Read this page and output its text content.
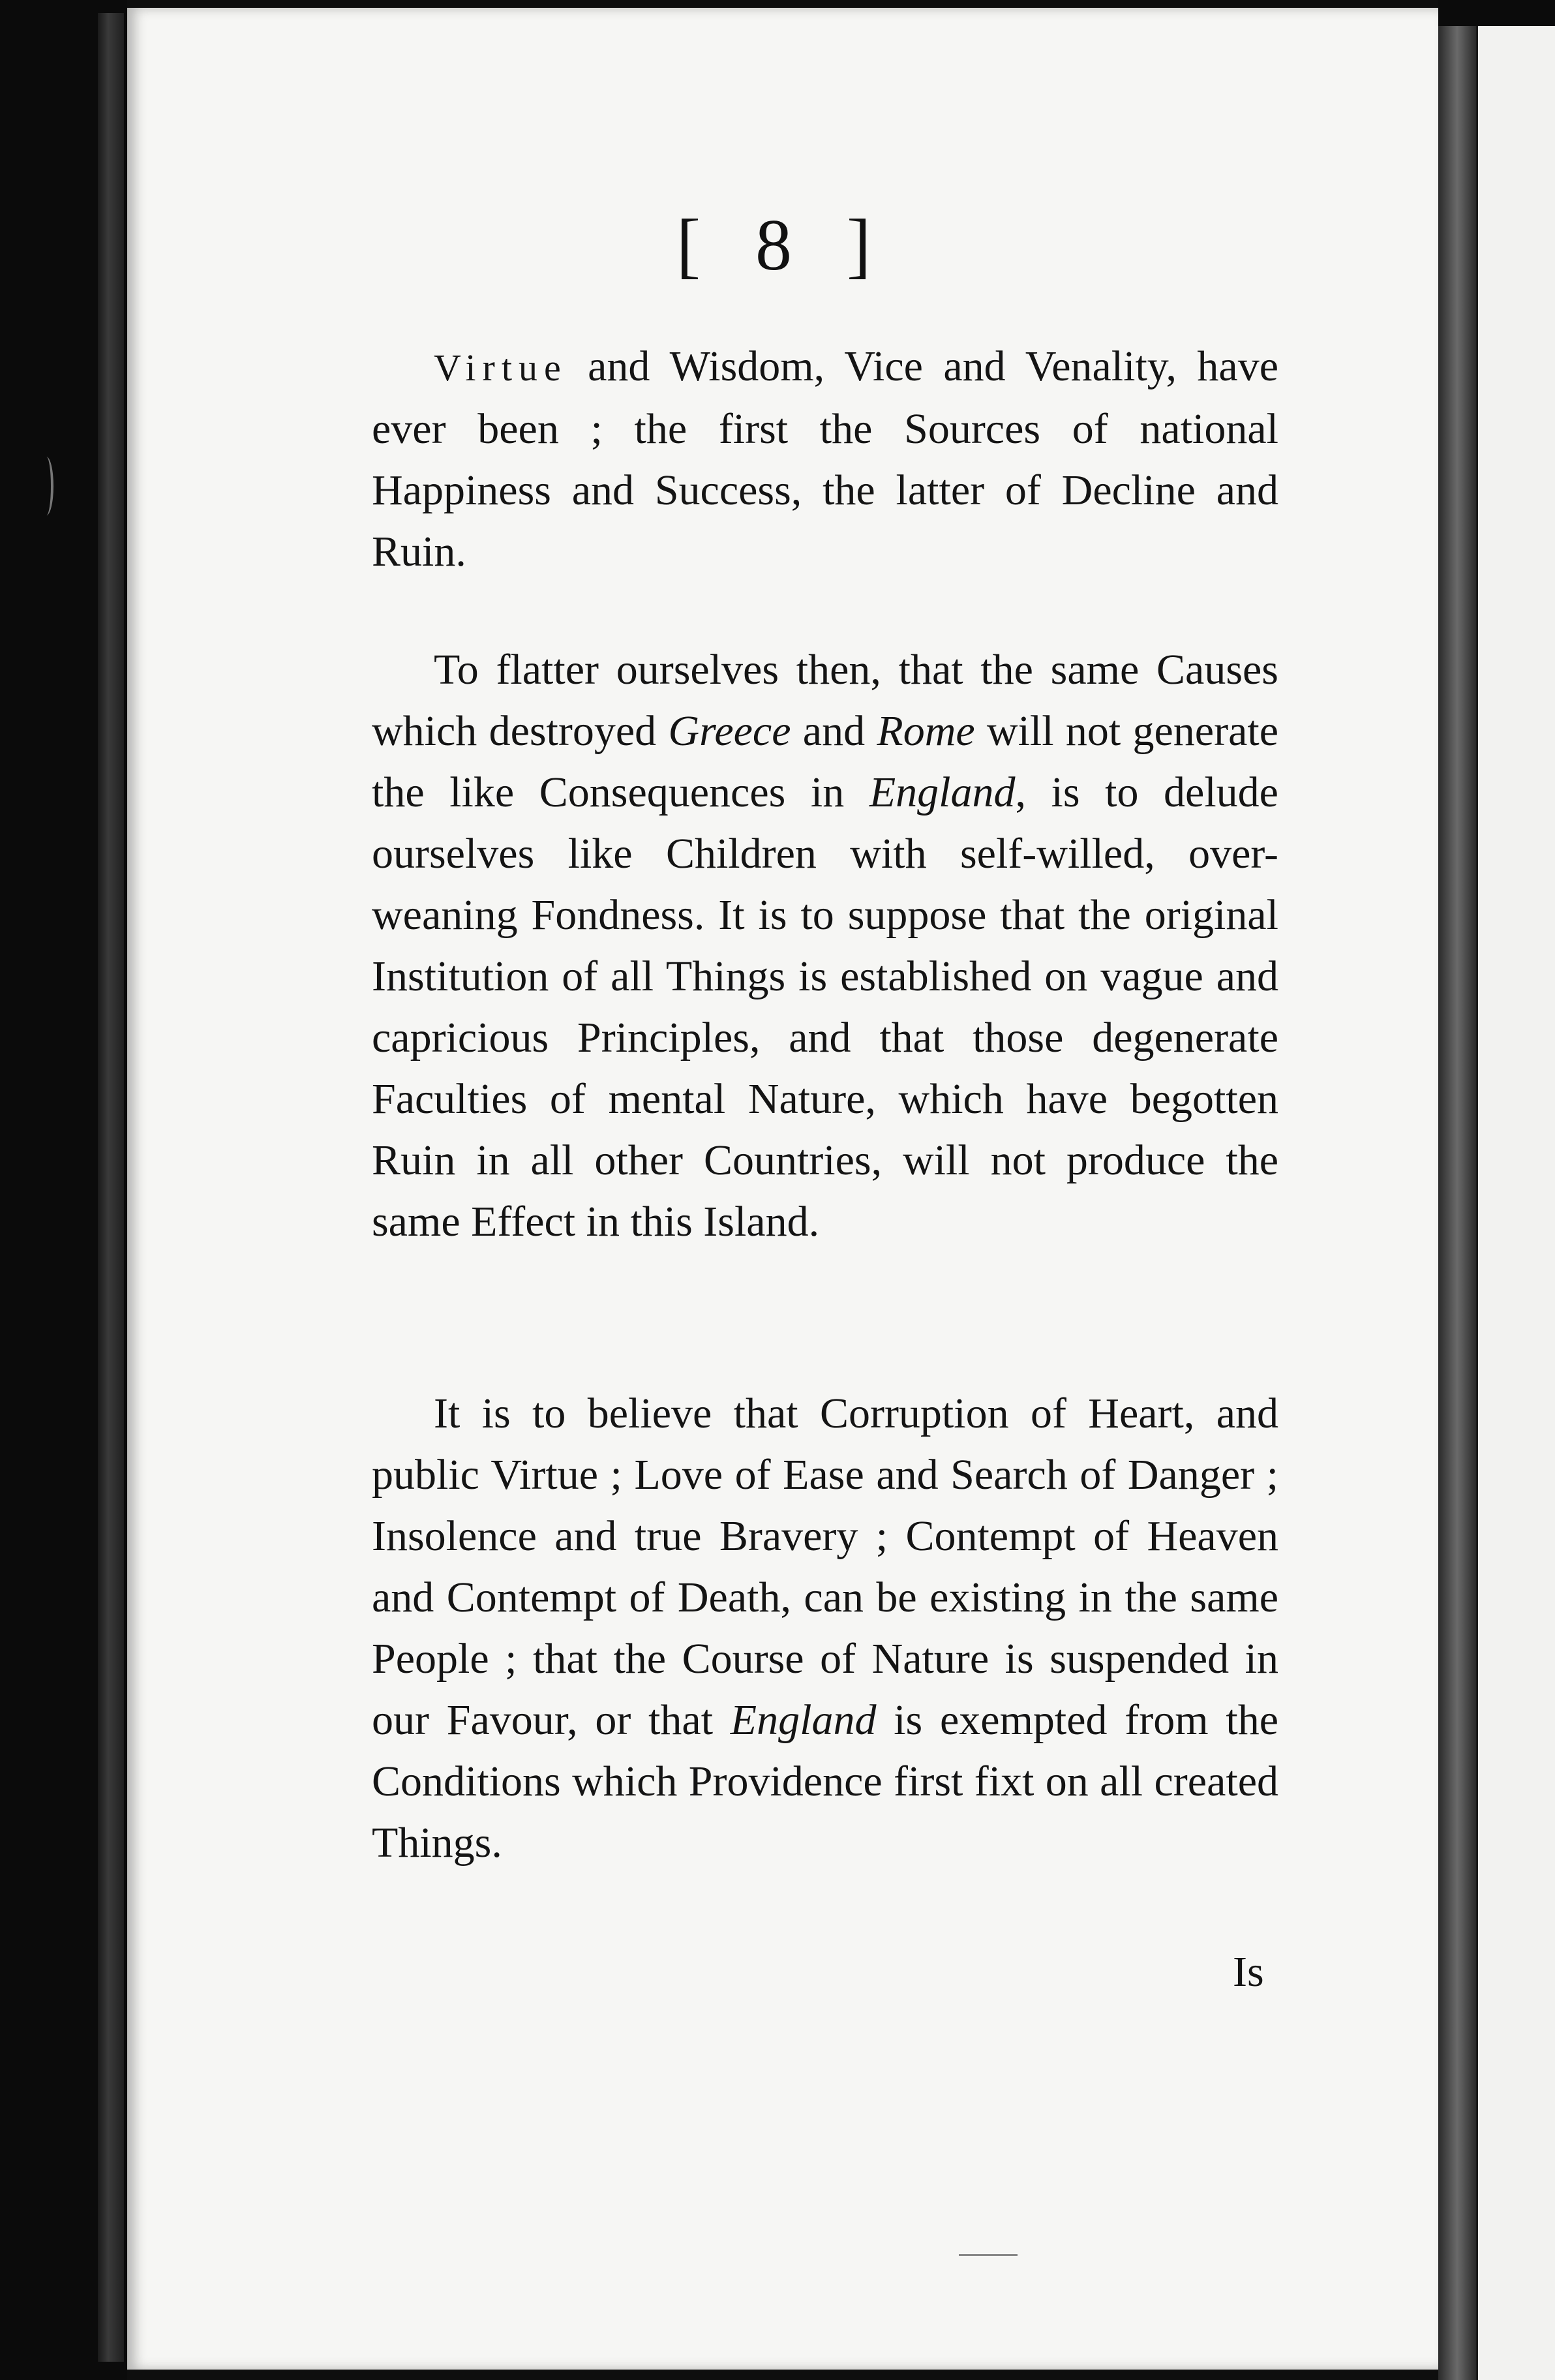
[ 8 ]

Virtue and Wisdom, Vice and Venality, have ever been ; the first the Sources of national Happiness and Success, the latter of Decline and Ruin.

To flatter ourselves then, that the same Causes which destroyed Greece and Rome will not generate the like Consequences in England, is to delude ourselves like Children with self-willed, over-weaning Fondness. It is to suppose that the original Institution of all Things is established on vague and capricious Principles, and that those degenerate Faculties of mental Nature, which have begotten Ruin in all other Countries, will not produce the same Effect in this Island.

It is to believe that Corruption of Heart, and public Virtue ; Love of Ease and Search of Danger ; Insolence and true Bravery ; Contempt of Heaven and Contempt of Death, can be existing in the same People ; that the Course of Nature is suspended in our Favour, or that England is exempted from the Conditions which Providence first fixt on all created Things.

Is
